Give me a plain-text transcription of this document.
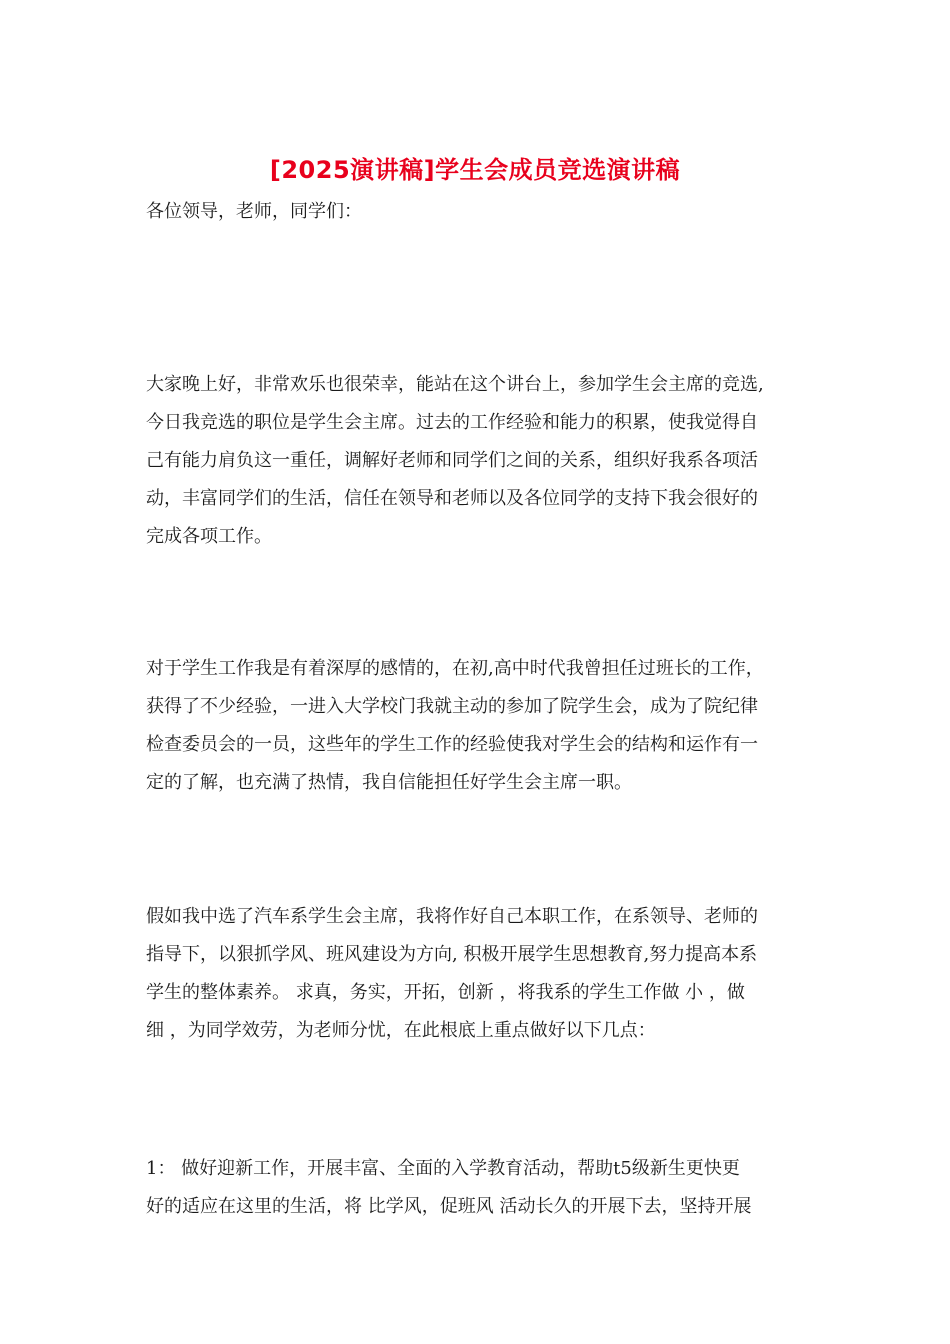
[2025演讲稿]学生会成员竞选演讲稿
各位领导，老师，同学们：

大家晚上好，非常欢乐也很荣幸，能站在这个讲台上，参加学生会主席的竞选,

今日我竞选的职位是学生会主席。过去的工作经验和能力的积累，使我觉得自

己有能力肩负这一重任，调解好老师和同学们之间的关系，组织好我系各项活

动，丰富同学们的生活，信任在领导和老师以及各位同学的支持下我会很好的

完成各项工作。

对于学生工作我是有着深厚的感情的，在初,高中时代我曾担任过班长的工作，

获得了不少经验，一进入大学校门我就主动的参加了院学生会，成为了院纪律

检查委员会的一员，这些年的学生工作的经验使我对学生会的结构和运作有一

定的了解，也充满了热情，我自信能担任好学生会主席一职。

假如我中选了汽车系学生会主席，我将作好自己本职工作，在系领导、老师的

指导下，以狠抓学风、班风建设为方向, 积极开展学生思想教育,努力提高本系

学生的整体素养。 求真，务实，开拓，创新 ，将我系的学生工作做 小 ，做

细 ，为同学效劳，为老师分忧，在此根底上重点做好以下几点：

1： 做好迎新工作，开展丰富、全面的入学教育活动，帮助t5级新生更快更

好的适应在这里的生活，将 比学风，促班风 活动长久的开展下去，坚持开展
